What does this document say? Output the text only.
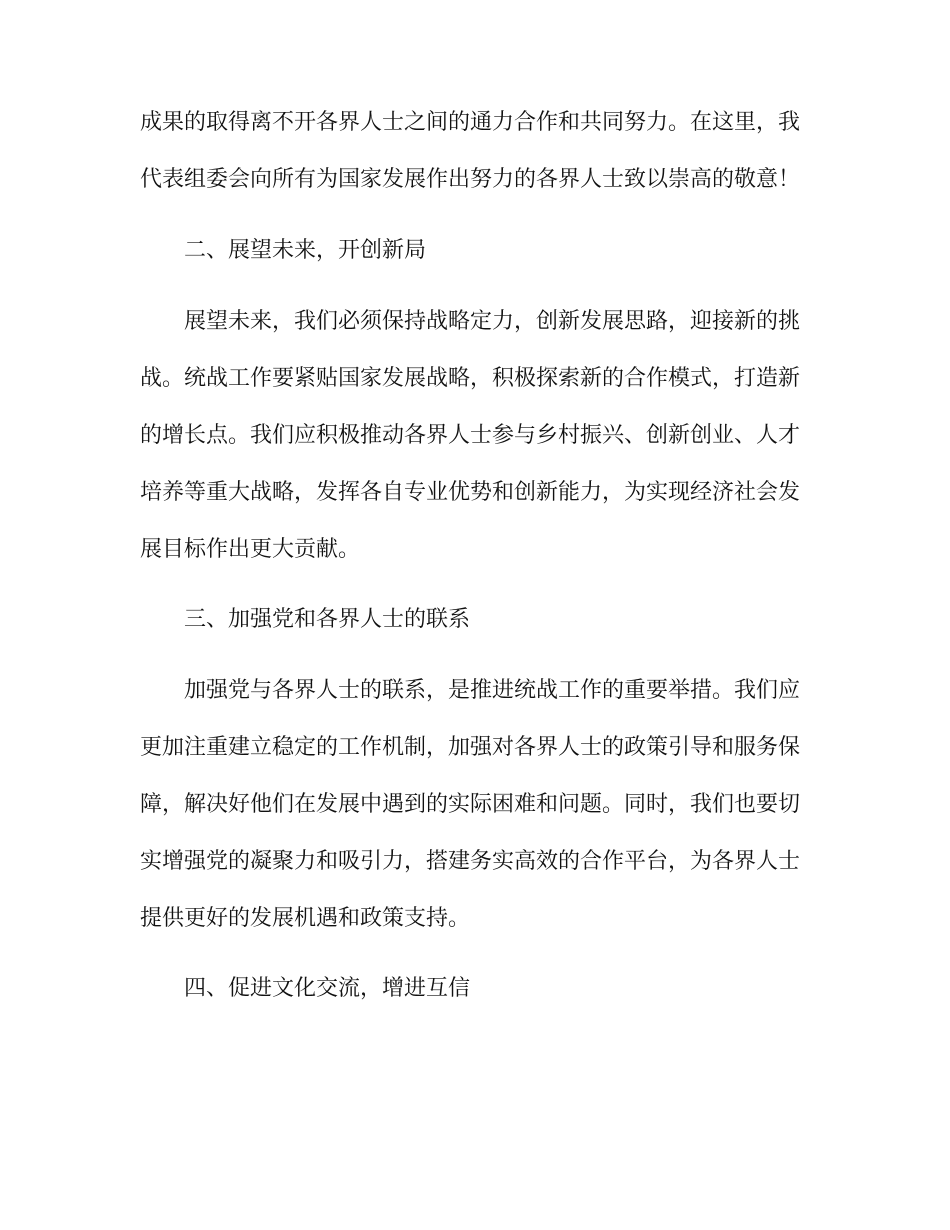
成果的取得离不开各界人士之间的通力合作和共同努力。在这里，我

代表组委会向所有为国家发展作出努力的各界人士致以崇高的敬意！

二、展望未来，开创新局

展望未来，我们必须保持战略定力，创新发展思路，迎接新的挑

战。统战工作要紧贴国家发展战略，积极探索新的合作模式，打造新

的增长点。我们应积极推动各界人士参与乡村振兴、创新创业、人才

培养等重大战略，发挥各自专业优势和创新能力，为实现经济社会发

展目标作出更大贡献。

三、加强党和各界人士的联系

加强党与各界人士的联系，是推进统战工作的重要举措。我们应

更加注重建立稳定的工作机制，加强对各界人士的政策引导和服务保

障，解决好他们在发展中遇到的实际困难和问题。同时，我们也要切

实增强党的凝聚力和吸引力，搭建务实高效的合作平台，为各界人士

提供更好的发展机遇和政策支持。

四、促进文化交流，增进互信
